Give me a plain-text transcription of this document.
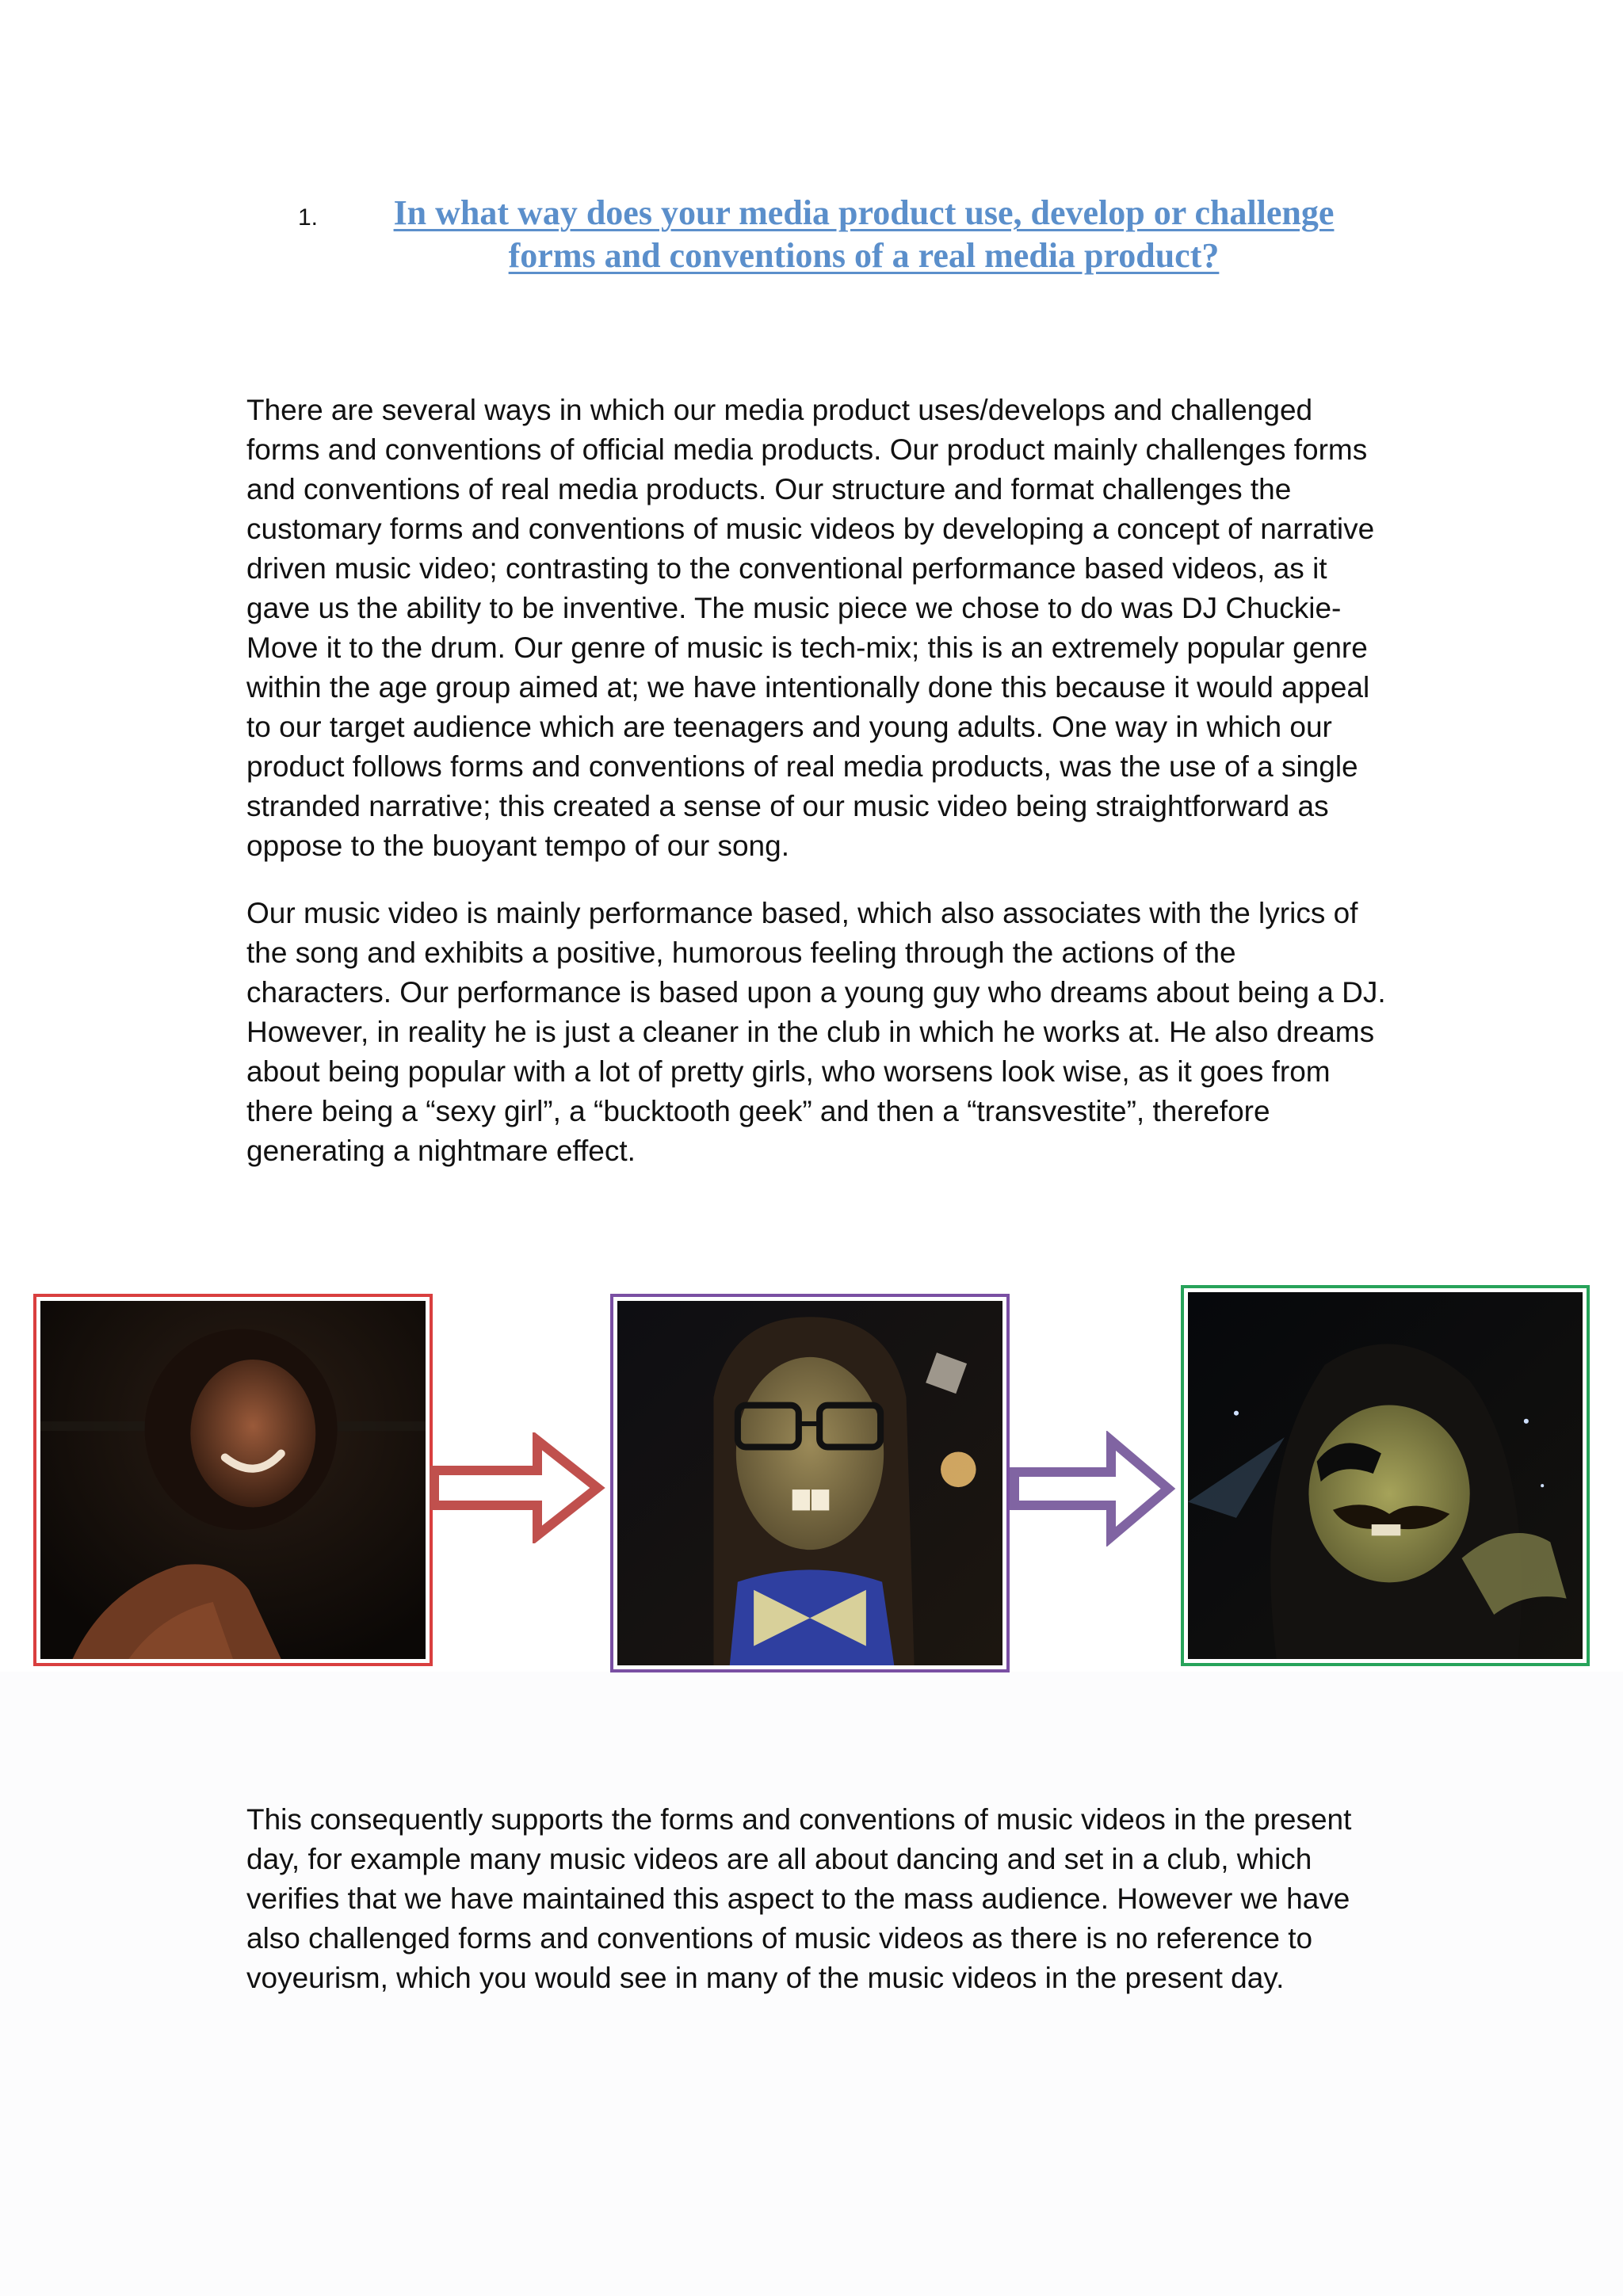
1.	In what way does your media product use, develop or challenge forms and conventions of a real media product?

There are several ways in which our media product uses/develops and challenged forms and conventions of official media products. Our product mainly challenges forms and conventions of real media products. Our structure and format challenges the customary forms and conventions of music videos by developing a concept of narrative driven music video; contrasting to the conventional performance based videos, as it gave us the ability to be inventive. The music piece we chose to do was DJ Chuckie- Move it to the drum. Our genre of music is tech-mix; this is an extremely popular genre within the age group aimed at; we have intentionally done this because it would appeal to our target audience which are teenagers and young adults. One way in which our product follows forms and conventions of real media products, was the use of a single stranded narrative; this created a sense of our music video being straightforward as oppose to the buoyant tempo of our song.

Our music video is mainly performance based, which also associates with the lyrics of the song and exhibits a positive, humorous feeling through the actions of the characters. Our performance is based upon a young guy who dreams about being a DJ. However, in reality he is just a cleaner in the club in which he works at. He also dreams about being popular with a lot of pretty girls, who worsens look wise, as it goes from there being a “sexy girl”, a “bucktooth geek” and then a “transvestite”, therefore generating a nightmare effect.

This consequently supports the forms and conventions of music videos in the present day, for example many music videos are all about dancing and set in a club, which verifies that we have maintained this aspect to the mass audience. However we have also challenged forms and conventions of music videos as there is no reference to voyeurism, which you would see in many of the music videos in the present day.
